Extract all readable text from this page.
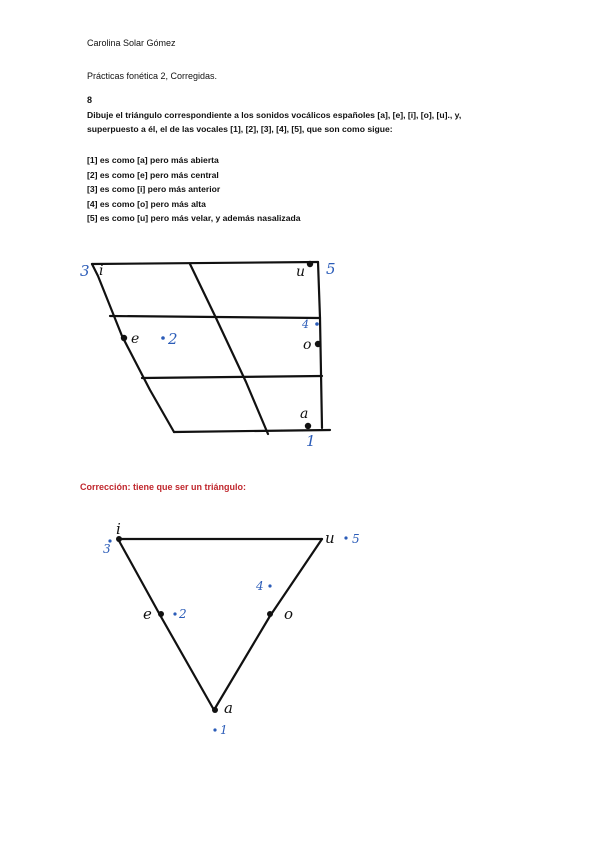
Carolina Solar Gómez
Prácticas fonética 2, Corregidas.
8
Dibuje el triángulo correspondiente a los sonidos vocálicos españoles [a], [e], [i], [o], [u]., y,
superpuesto a él, el de las vocales [1], [2], [3], [4], [5], que son como sigue:
[1] es como [a] pero más abierta
[2] es como [e] pero más central
[3] es como [i] pero más anterior
[4] es como [o] pero más alta
[5] es como [u] pero más velar, y además nasalizada
i	u
e	o
a
3	5
2
4
1
Corrección: tiene que ser un triángulo:
i	u
e	o
a
3
5
2
4
1
